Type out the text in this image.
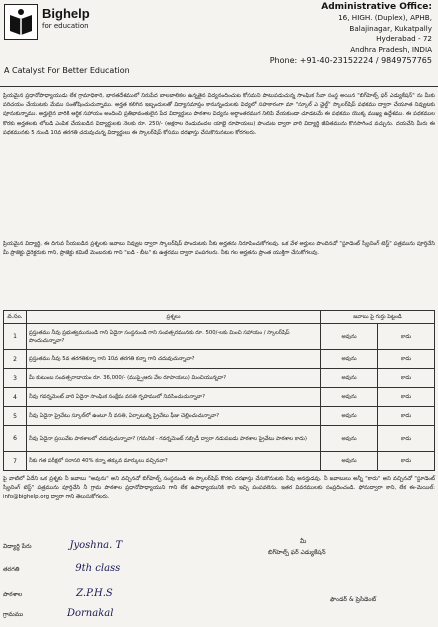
Bighelp
for education
A Catalyst For Better Education
Administrative Office:
16, HIGH. (Duplex), APHB,
Balajinagar, Kukatpally
Hyderabad - 72
Andhra Pradesh, INDIA
Phone: +91-40-23152224 / 9849757765
ప్రియమైన ప్రధానోపాధ్యాయుడు లేక గ్రామాధికారి, భారతదేశములో నిరుపేద బాలబాలికల ఉన్నతైన విద్యనందించుట కోసమని పాటుపడుచున్న సాంఘిక సేవా సంస్థ అయిన "బిగ్‌హెల్ప్ ఫర్ ఎడ్యుకేషన్" ను మీకు పరిచయం చేయుటకు మేము సంతోషించుచున్నాము. అర్హత కలిగిన ఇబ్బందులతో విద్యాసమాప్తం కానున్నందులకు విద్యలో సహకారంగా మా "స్కూల్ ఎ ఛైల్డ్" స్కాలర్‌షిప్ పథకము ద్వారా చేయూత నివ్వుటకు పూనుకున్నాము. అర్హులైన వారికి ఆర్థిక సహాయం అందించి ప్రతిభావంతులైన పేద విద్యార్థులు పాఠశాల విద్యను అర్ధాంతరముగ నిలిపి వేయకుండా చూడటమే ఈ పథకము యొక్క ముఖ్య ఉద్దేశము. ఈ పథకముల కొరకు అర్హతలకు లోబడి ఎంపిక చేయబడిన విద్యార్థులకు నెలకు రూ. 250/- (అక్షరాల రెండువందల యాభై రూపాయలు) పొందుట ద్వారా వారి విద్యార్థి జీవితమును కొనసాగించ వచ్చును. దయచేసి మీరు ఈ పథకమునకు 5 నుండి 10వ తరగతి చదువుచున్న విద్యార్థులు ఈ స్కాలర్‌షిప్ కోసము దరఖాస్తు చేసుకొనునటుల కోరగలరు.
ప్రియమైన విద్యార్థి, ఈ దిగువ నీయబడిన ప్రశ్నలకు జవాబు నివ్వుట ద్వారా స్కాలర్‌షిప్ పొందుటకు నీకు అర్హతను నిరూపించుకోగలవు. ఒక వేళ అర్హులు పొందినచో "స్టూడెంట్ స్క్రీనింగ్ టెస్ట్" పత్రమును పూర్తిచేసి మీ ప్రాజెక్టు డైరెక్టరుకు గాని, ప్రాజెక్టు కమిటీ మెంబరుకు గాని "బడి - బీట" కు ఉత్తరము ద్వారా పంపగలరు. నీకు గల అర్హతను ప్రాంత యుక్తిగా చేసుకోగలవు.
వ.సం.	ప్రశ్నలు	జవాబు పై గుర్తు పెట్టండి	
1	ప్రస్తుతము నీవు ప్రభుత్వమునుండి గాని ఏదైనా సంస్థనుండి గాని సంవత్సరమునకు రూ. 500/-లకు మించి సహాయం / స్కాలర్‌షిప్ పొందుచున్నావా?	అవును	కాదు
2	ప్రస్తుతము నీవు 5వ తరగతికన్నా గాని 10వ తరగతి కన్నా గాని చదువుచున్నావా?	అవును	కాదు
3	మీ కుటుంబ సంవత్సరాదాయం రూ. 36,000/- (ముప్పైఆరు వేల రూపాయలు) మించియున్నదా?	అవును	కాదు
4	నీవు గవర్నమెంట్ వారి ఏదైనా సాంఘిక సంక్షేమ వసతి గృహములో నివసించుచున్నావా?	అవును	కాదు
5	నీవు ఏదైనా ప్రైవేటు స్కూల్‌లో ఉంటూ నీ వసతి, ఏర్పాటుల్ని ప్రైవేటు ఫీజు చెల్లించుచున్నావా?	అవును	కాదు
6	నీవు ఏదైనా ప్రయివేట పాఠశాలలో చదువుచున్నావా? (గమనిక - గవర్నమెంట్ సబ్సిడీ ద్వారా నడుపబడు పాఠశాల ప్రైవేటు పాఠశాల కాదు)	అవును	కాదు
7	నీకు గత పరీక్షలో సరాసరి 40% కన్నా తక్కువ మార్కులు వచ్చినవా?	అవును	కాదు
పై వాటిలో ఏదేని ఒక ప్రశ్నకు నీ జవాబు "అవును" అని వచ్చినచో బిగ్‌హెల్ప్ సంస్థనుండి ఈ స్కాలర్‌షిప్ కొరకు దరఖాస్తు చేసుకొనుటకు నీవు అనర్హుడవు. నీ జవాబులు అన్నీ "కాదు" అని వచ్చినచో "స్టూడెంట్ స్క్రీనింగ్ టెస్ట్" పత్రమును పూర్తిచేసి నీ గ్రామ పాఠశాల ప్రధానోపాధ్యాయుని గాని లేక ఉపాధ్యాయునికి కాని ఇచ్చి పంపవలెను. ఇతర వివరములకు సంప్రదించండి. ఫోనుద్వారా కాని, లేక ఈ-మెయిల్: info@bighelp.org ద్వారా గాని తెలుసుకోగలరు.
విద్యార్థి పేరు	Jyoshna. T
తరగతి	9th class
పాఠశాల	Z.P.H.S
గ్రామము	Dornakal
మీ
బిగ్‌హెల్ప్ ఫర్ ఎడ్యుకేషన్
ఫౌండర్ & ప్రెసిడెంట్
